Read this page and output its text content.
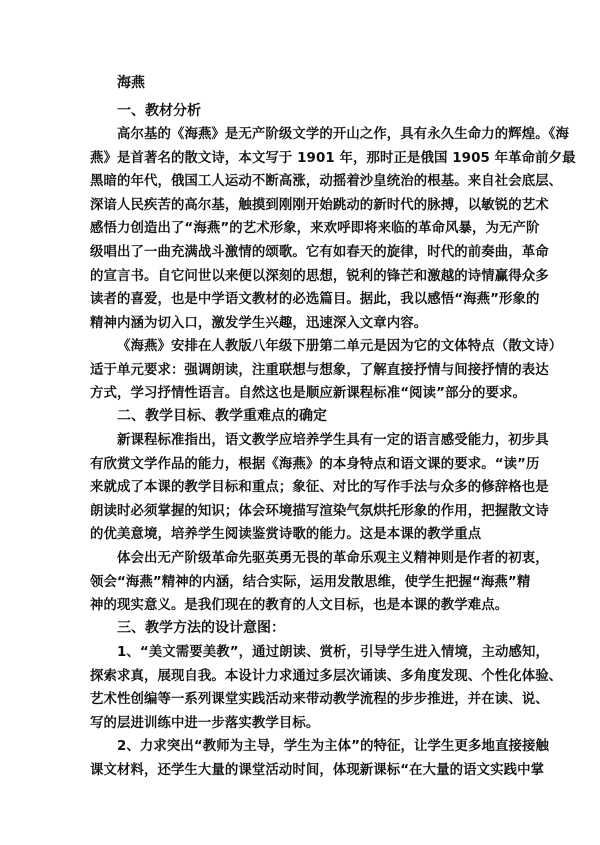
海燕
一、教材分析
高尔基的《海燕》是无产阶级文学的开山之作，具有永久生命力的辉煌。《海
燕》是首著名的散文诗，本文写于 1901 年，那时正是俄国 1905 年革命前夕最
黑暗的年代，俄国工人运动不断高涨，动摇着沙皇统治的根基。来自社会底层、
深谙人民疾苦的高尔基，触摸到刚刚开始跳动的新时代的脉搏，以敏锐的艺术
感悟力创造出了“海燕”的艺术形象，来欢呼即将来临的革命风暴，为无产阶
级唱出了一曲充满战斗激情的颂歌。它有如春天的旋律，时代的前奏曲，革命
的宣言书。自它问世以来便以深刻的思想，锐利的锋芒和激越的诗情赢得众多
读者的喜爱，也是中学语文教材的必选篇目。据此，我以感悟“海燕”形象的
精神内涵为切入口，激发学生兴趣，迅速深入文章内容。
《海燕》安排在人教版八年级下册第二单元是因为它的文体特点（散文诗）
适于单元要求：强调朗读，注重联想与想象，了解直接抒情与间接抒情的表达
方式，学习抒情性语言。自然这也是顺应新课程标准“阅读”部分的要求。
二、教学目标、教学重难点的确定
新课程标准指出，语文教学应培养学生具有一定的语言感受能力，初步具
有欣赏文学作品的能力，根据《海燕》的本身特点和语文课的要求。“读”历
来就成了本课的教学目标和重点；象征、对比的写作手法与众多的修辞格也是
朗读时必须掌握的知识；体会环境描写渲染气氛烘托形象的作用，把握散文诗
的优美意境，培养学生阅读鉴赏诗歌的能力。这是本课的教学重点
体会出无产阶级革命先驱英勇无畏的革命乐观主义精神则是作者的初衷，
领会“海燕”精神的内涵，结合实际，运用发散思维，使学生把握“海燕”精
神的现实意义。是我们现在的教育的人文目标，也是本课的教学难点。
三、教学方法的设计意图：
1、“美文需要美教”，通过朗读、赏析，引导学生进入情境，主动感知，
探索求真，展现自我。本设计力求通过多层次诵读、多角度发现、个性化体验、
艺术性创编等一系列课堂实践活动来带动教学流程的步步推进，并在读、说、
写的层进训练中进一步落实教学目标。
2、力求突出“教师为主导，学生为主体”的特征，让学生更多地直接接触
课文材料，还学生大量的课堂活动时间，体现新课标“在大量的语文实践中掌
